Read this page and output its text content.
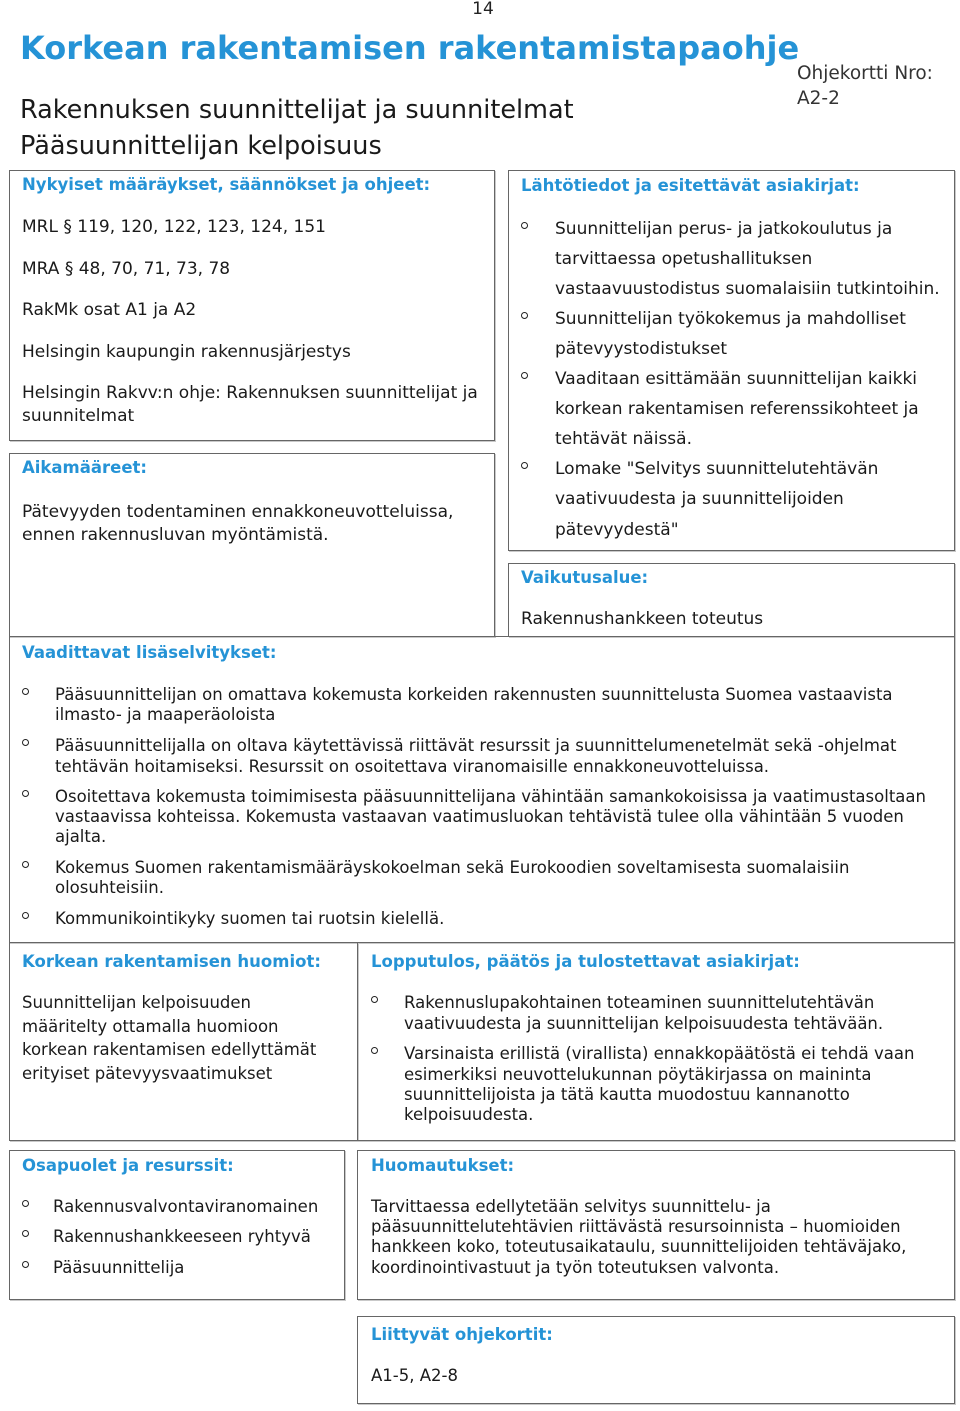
14
Korkean rakentamisen rakentamistapaohje
Ohjekortti Nro:
A2-2
Rakennuksen suunnittelijat ja suunnitelmat
Pääsuunnittelijan kelpoisuus
Nykyiset määräykset, säännökset ja ohjeet:
MRL § 119, 120, 122, 123, 124, 151
MRA § 48, 70, 71, 73, 78
RakMk osat A1 ja A2
Helsingin kaupungin rakennusjärjestys
Helsingin Rakvv:n ohje: Rakennuksen suunnittelijat ja
suunnitelmat
Aikamääreet:
Pätevyyden todentaminen ennakkoneuvotteluissa,
ennen rakennusluvan myöntämistä.
Lähtötiedot ja esitettävät asiakirjat:
Suunnittelijan perus- ja jatkokoulutus ja
tarvittaessa opetushallituksen
vastaavuustodistus suomalaisiin tutkintoihin.
Suunnittelijan työkokemus ja mahdolliset
pätevyystodistukset
Vaaditaan esittämään suunnittelijan kaikki
korkean rakentamisen referenssikohteet ja
tehtävät näissä.
Lomake "Selvitys suunnittelutehtävän
vaativuudesta ja suunnittelijoiden
pätevyydestä"
Vaikutusalue:
Rakennushankkeen toteutus
Vaadittavat lisäselvitykset:
Pääsuunnittelijan on omattava kokemusta korkeiden rakennusten suunnittelusta Suomea vastaavista
ilmasto- ja maaperäoloista
Pääsuunnittelijalla on oltava käytettävissä riittävät resurssit ja suunnittelumenetelmät sekä -ohjelmat
tehtävän hoitamiseksi. Resurssit on osoitettava viranomaisille ennakkoneuvotteluissa.
Osoitettava kokemusta toimimisesta pääsuunnittelijana vähintään samankokoisissa ja vaatimustasoltaan
vastaavissa kohteissa. Kokemusta vastaavan vaatimusluokan tehtävistä tulee olla vähintään 5 vuoden
ajalta.
Kokemus Suomen rakentamismääräyskokoelman sekä Eurokoodien soveltamisesta suomalaisiin
olosuhteisiin.
Kommunikointikyky suomen tai ruotsin kielellä.
Korkean rakentamisen huomiot:
Suunnittelijan kelpoisuuden
määritelty ottamalla huomioon
korkean rakentamisen edellyttämät
erityiset pätevyysvaatimukset
Lopputulos, päätös ja tulostettavat asiakirjat:
Rakennuslupakohtainen toteaminen suunnittelutehtävän
vaativuudesta ja suunnittelijan kelpoisuudesta tehtävään.
Varsinaista erillistä (virallista) ennakkopäätöstä ei tehdä vaan
esimerkiksi neuvottelukunnan pöytäkirjassa on maininta
suunnittelijoista ja tätä kautta muodostuu kannanotto
kelpoisuudesta.
Osapuolet ja resurssit:
Rakennusvalvontaviranomainen
Rakennushankkeeseen ryhtyvä
Pääsuunnittelija
Huomautukset:
Tarvittaessa edellytetään selvitys suunnittelu- ja
pääsuunnittelutehtävien riittävästä resursoinnista – huomioiden
hankkeen koko, toteutusaikataulu, suunnittelijoiden tehtäväjako,
koordinointivastuut ja työn toteutuksen valvonta.
Liittyvät ohjekortit:
A1-5, A2-8
